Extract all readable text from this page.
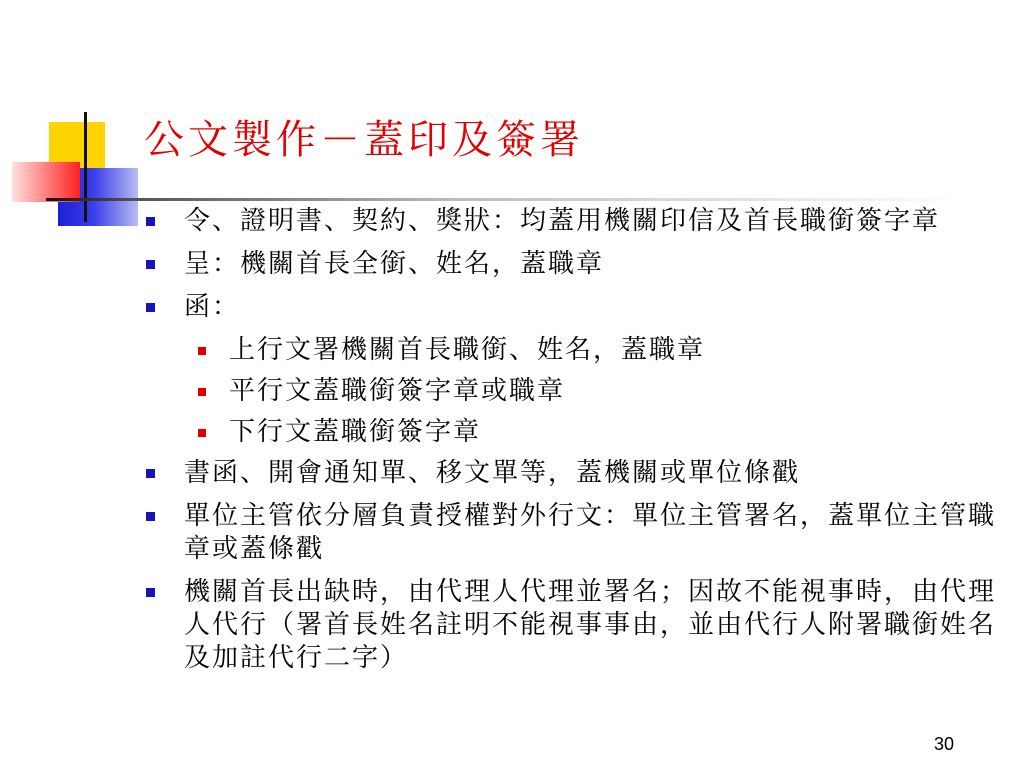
公文製作－蓋印及簽署
令、證明書、契約、獎狀：均蓋用機關印信及首長職銜簽字章
呈：機關首長全銜、姓名，蓋職章
函：
上行文署機關首長職銜、姓名，蓋職章
平行文蓋職銜簽字章或職章
下行文蓋職銜簽字章
書函、開會通知單、移文單等，蓋機關或單位條戳
單位主管依分層負責授權對外行文：單位主管署名，蓋單位主管職章或蓋條戳
機關首長出缺時，由代理人代理並署名；因故不能視事時，由代理人代行（署首長姓名註明不能視事事由，並由代行人附署職銜姓名及加註代行二字）
30
